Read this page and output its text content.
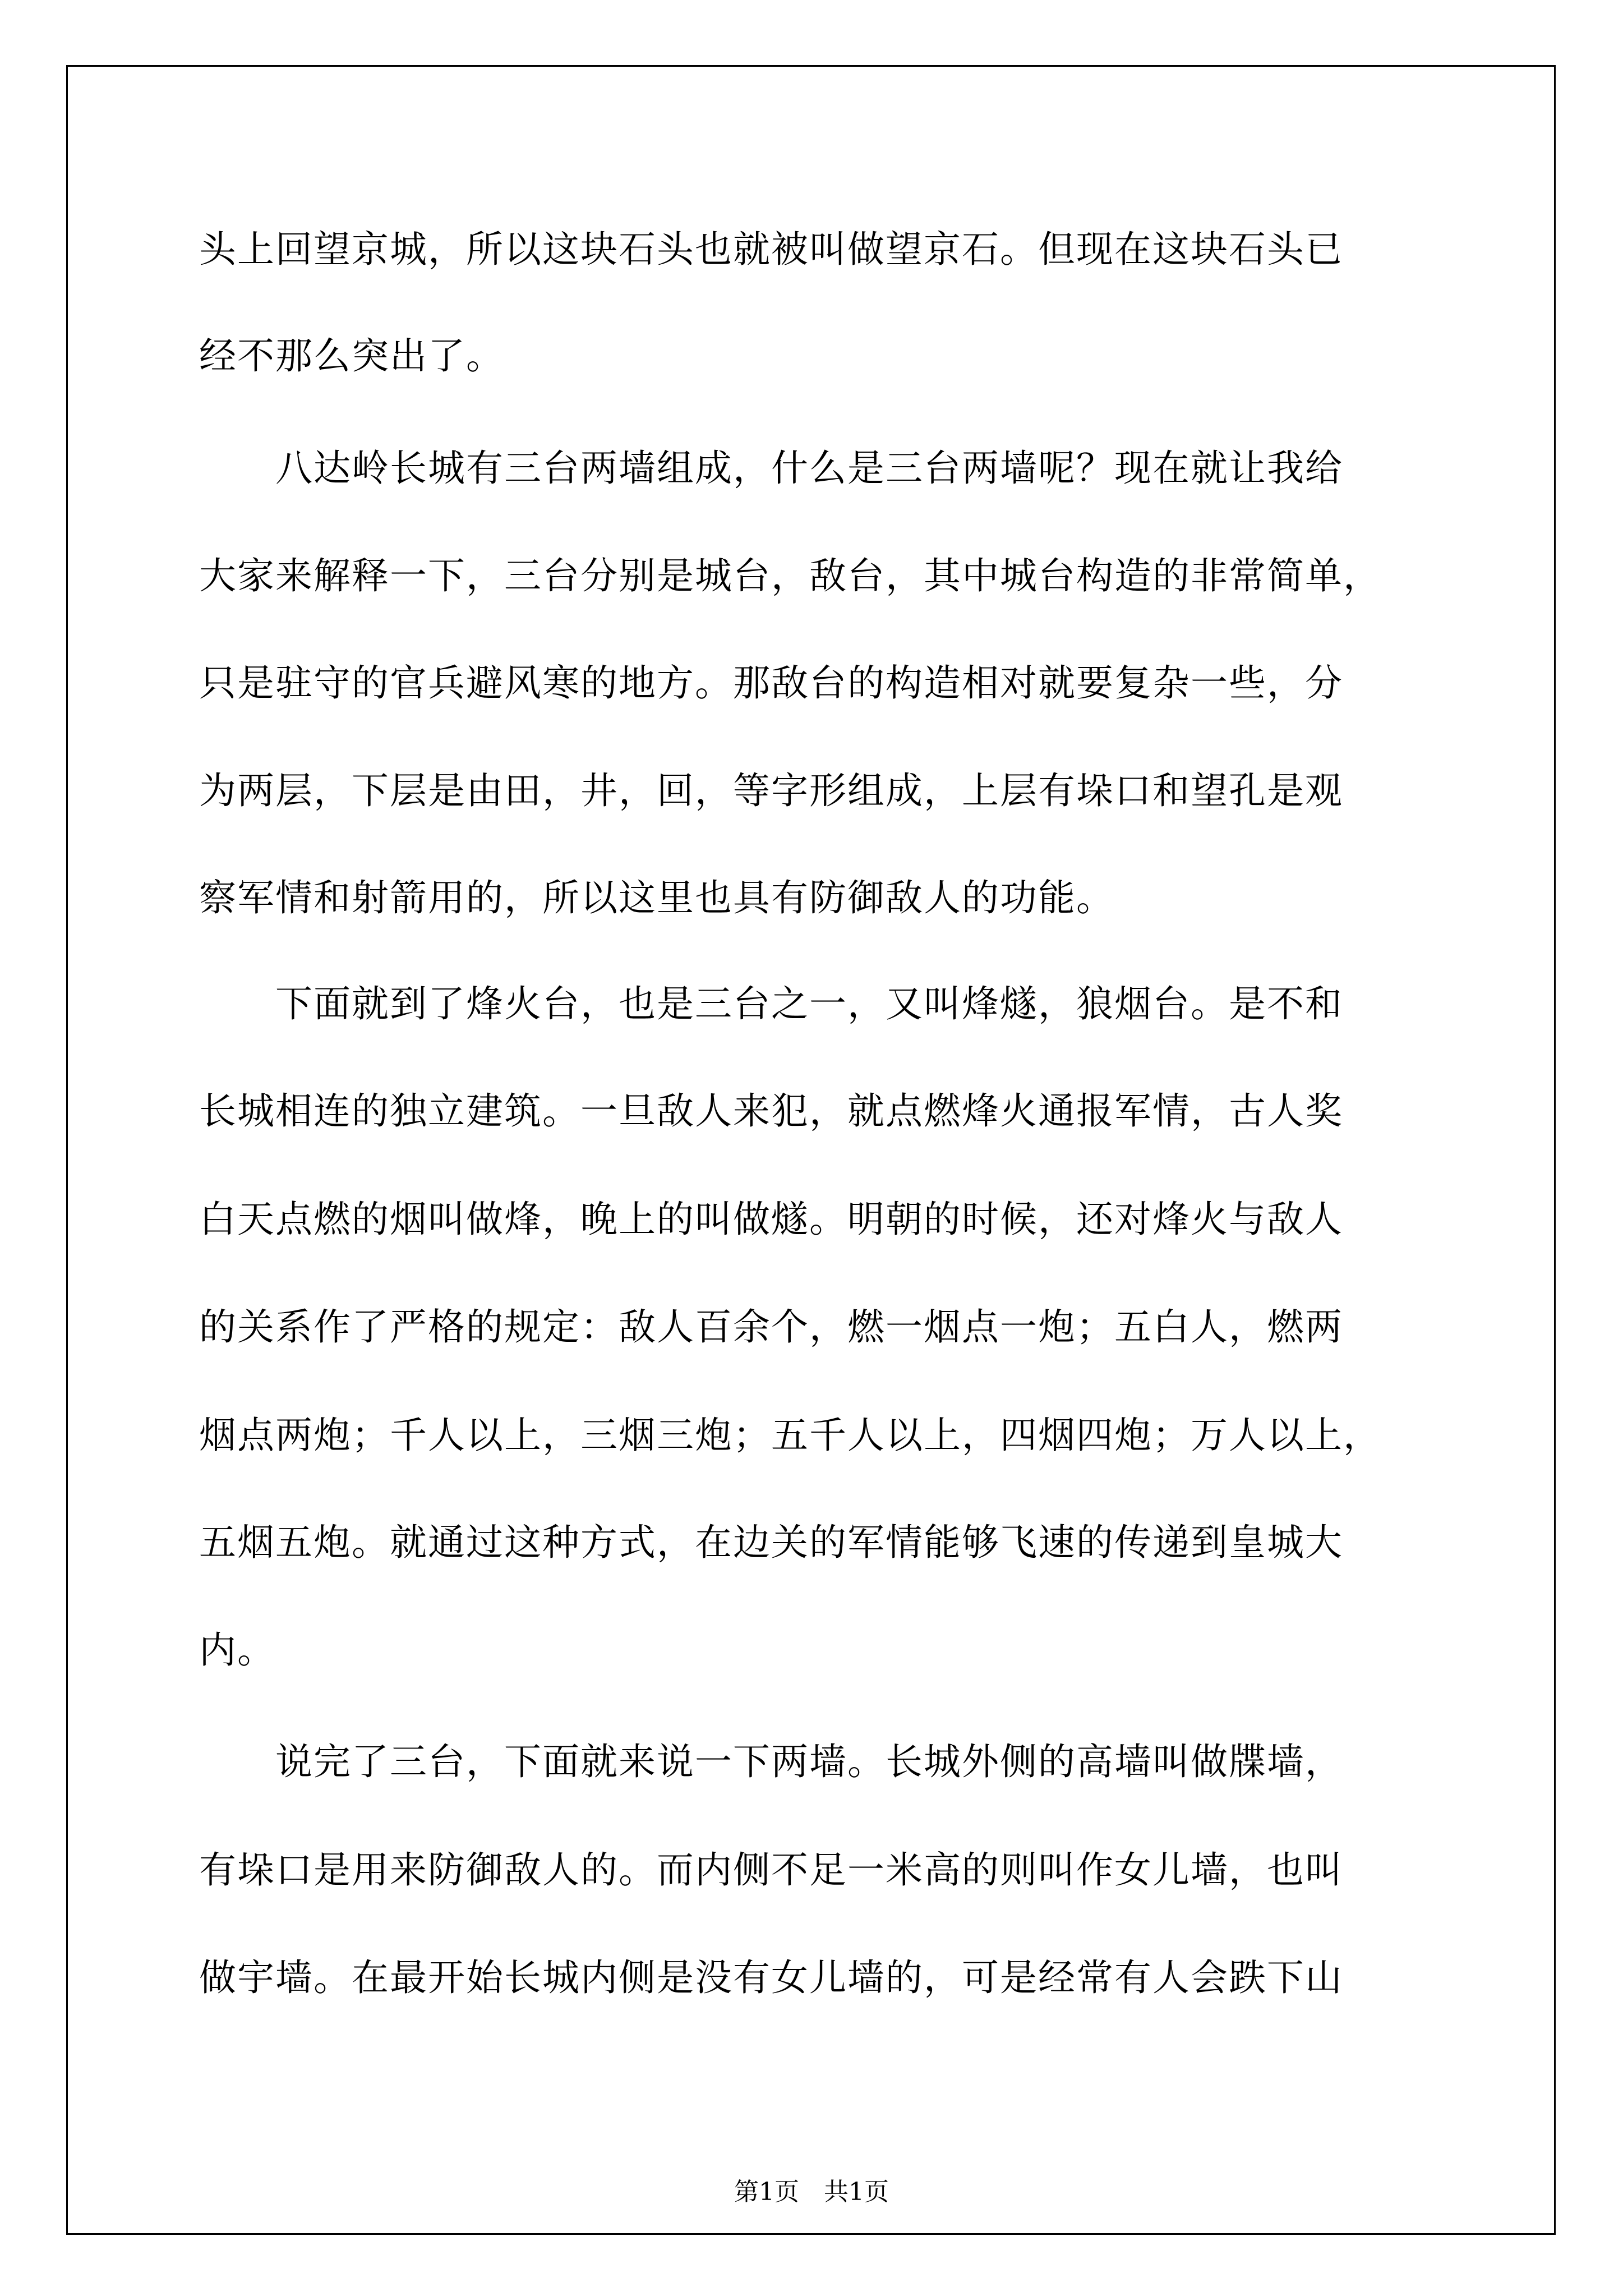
头上回望京城，所以这块石头也就被叫做望京石。但现在这块石头已
经不那么突出了。
　　八达岭长城有三台两墙组成，什么是三台两墙呢？现在就让我给
大家来解释一下，三台分别是城台，敌台，其中城台构造的非常简单，
只是驻守的官兵避风寒的地方。那敌台的构造相对就要复杂一些，分
为两层，下层是由田，井，回，等字形组成，上层有垛口和望孔是观
察军情和射箭用的，所以这里也具有防御敌人的功能。
　　下面就到了烽火台，也是三台之一，又叫烽燧，狼烟台。是不和
长城相连的独立建筑。一旦敌人来犯，就点燃烽火通报军情，古人奖
白天点燃的烟叫做烽，晚上的叫做燧。明朝的时候，还对烽火与敌人
的关系作了严格的规定：敌人百余个，燃一烟点一炮；五白人，燃两
烟点两炮；千人以上，三烟三炮；五千人以上，四烟四炮；万人以上，
五烟五炮。就通过这种方式，在边关的军情能够飞速的传递到皇城大
内。
　　说完了三台，下面就来说一下两墙。长城外侧的高墙叫做牒墙，
有垛口是用来防御敌人的。而内侧不足一米高的则叫作女儿墙，也叫
做宇墙。在最开始长城内侧是没有女儿墙的，可是经常有人会跌下山
第1页　共1页
